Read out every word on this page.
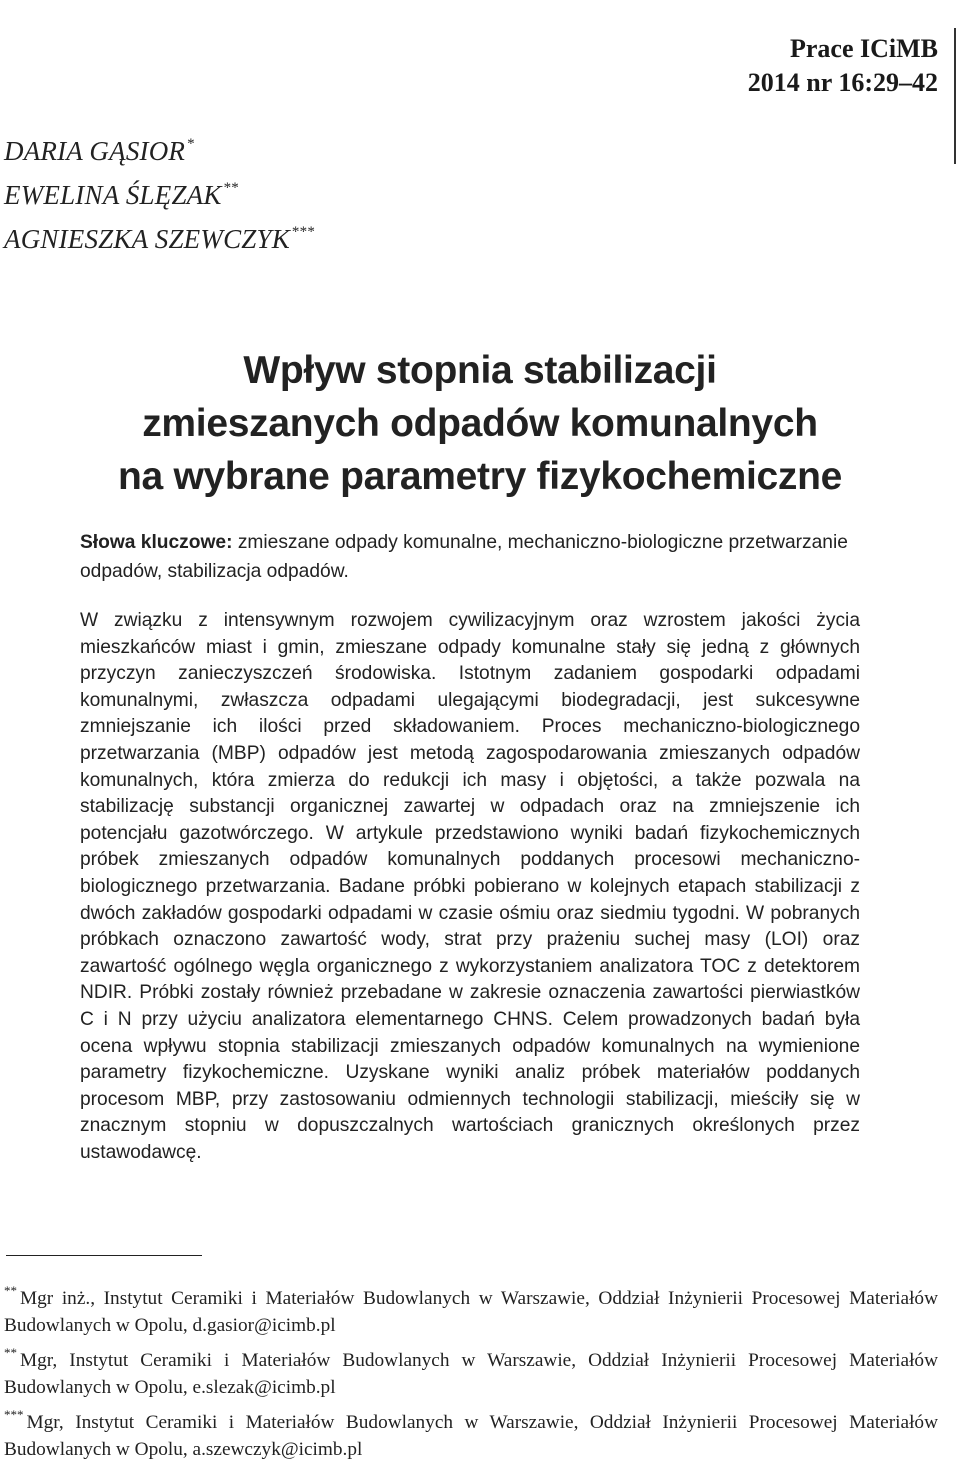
Prace ICiMB
2014 nr 16:29–42
DARIA GĄSIOR *
EWELINA ŚLĘZAK **
AGNIESZKA SZEWCZYK ***
Wpływ stopnia stabilizacji
zmieszanych odpadów komunalnych
na wybrane parametry fizykochemiczne
Słowa kluczowe: zmieszane odpady komunalne, mechaniczno-biologiczne przetwarzanie odpadów, stabilizacja odpadów.

W związku z intensywnym rozwojem cywilizacyjnym oraz wzrostem jakości życia mieszkańców miast i gmin, zmieszane odpady komunalne stały się jedną z głównych przyczyn zanieczyszczeń środowiska. Istotnym zadaniem gospodarki odpadami komunalnymi, zwłaszcza odpadami ulegającymi biodegradacji, jest sukcesywne zmniejszanie ich ilości przed składowaniem. Proces mechaniczno-biologicznego przetwarzania (MBP) odpadów jest metodą zagospodarowania zmieszanych odpadów komunalnych, która zmierza do redukcji ich masy i objętości, a także pozwala na stabilizację substancji organicznej zawartej w odpadach oraz na zmniejszenie ich potencjału gazotwórczego. W artykule przedstawiono wyniki badań fizykochemicznych próbek zmieszanych odpadów komunalnych poddanych procesowi mechaniczno-biologicznego przetwarzania. Badane próbki pobierano w kolejnych etapach stabilizacji z dwóch zakładów gospodarki odpadami w czasie ośmiu oraz siedmiu tygodni. W pobranych próbkach oznaczono zawartość wody, strat przy prażeniu suchej masy (LOI) oraz zawartość ogólnego węgla organicznego z wykorzystaniem analizatora TOC z detektorem NDIR. Próbki zostały również przebadane w zakresie oznaczenia zawartości pierwiastków C i N przy użyciu analizatora elementarnego CHNS. Celem prowadzonych badań była ocena wpływu stopnia stabilizacji zmieszanych odpadów komunalnych na wymienione parametry fizykochemiczne. Uzyskane wyniki analiz próbek materiałów poddanych procesom MBP, przy zastosowaniu odmiennych technologii stabilizacji, mieściły się w znacznym stopniu w dopuszczalnych wartościach granicznych określonych przez ustawodawcę.

** Mgr inż., Instytut Ceramiki i Materiałów Budowlanych w Warszawie, Oddział Inżynierii Procesowej Materiałów Budowlanych w Opolu, d.gasior@icimb.pl

** Mgr, Instytut Ceramiki i Materiałów Budowlanych w Warszawie, Oddział Inżynierii Procesowej Materiałów Budowlanych w Opolu, e.slezak@icimb.pl

*** Mgr, Instytut Ceramiki i Materiałów Budowlanych w Warszawie, Oddział Inżynierii Procesowej Materiałów Budowlanych w Opolu, a.szewczyk@icimb.pl
